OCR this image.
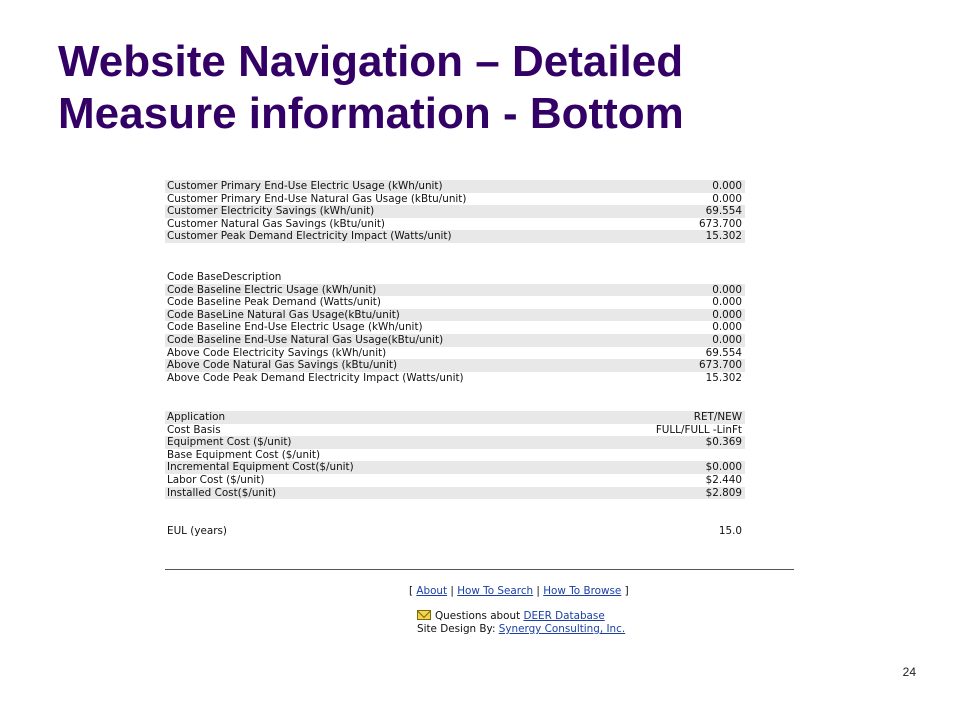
Website Navigation – Detailed
Measure information - Bottom
Customer Primary End-Use Electric Usage (kWh/unit)	0.000
Customer Primary End-Use Natural Gas Usage (kBtu/unit)	0.000
Customer Electricity Savings (kWh/unit)	69.554
Customer Natural Gas Savings (kBtu/unit)	673.700
Customer Peak Demand Electricity Impact (Watts/unit)	15.302
Code BaseDescription
Code Baseline Electric Usage (kWh/unit)	0.000
Code Baseline Peak Demand (Watts/unit)	0.000
Code BaseLine Natural Gas Usage(kBtu/unit)	0.000
Code Baseline End-Use Electric Usage (kWh/unit)	0.000
Code Baseline End-Use Natural Gas Usage(kBtu/unit)	0.000
Above Code Electricity Savings (kWh/unit)	69.554
Above Code Natural Gas Savings (kBtu/unit)	673.700
Above Code Peak Demand Electricity Impact (Watts/unit)	15.302
Application	RET/NEW
Cost Basis	FULL/FULL -LinFt
Equipment Cost ($/unit)	$0.369
Base Equipment Cost ($/unit)
Incremental Equipment Cost($/unit)	$0.000
Labor Cost ($/unit)	$2.440
Installed Cost($/unit)	$2.809
EUL (years)	15.0
[ About | How To Search | How To Browse ]
Questions about DEER Database
Site Design By: Synergy Consulting, Inc.
24
